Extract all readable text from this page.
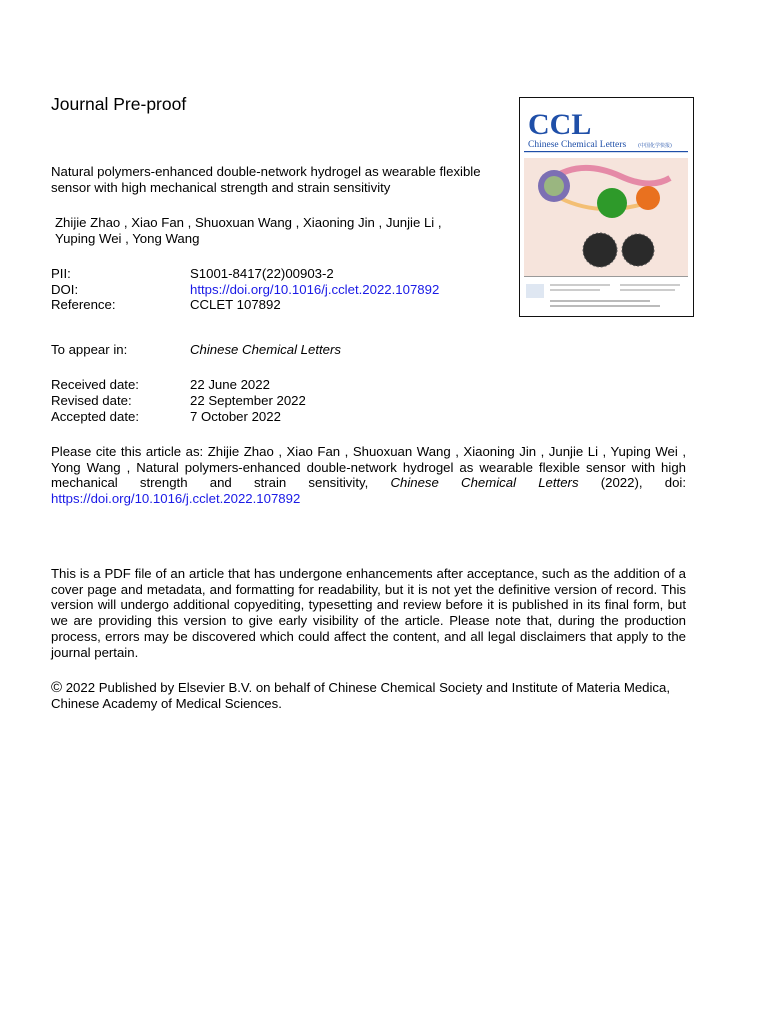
Journal Pre-proof
Natural polymers-enhanced double-network hydrogel as wearable flexible sensor with high mechanical strength and strain sensitivity
Zhijie Zhao , Xiao Fan , Shuoxuan Wang , Xiaoning Jin , Junjie Li ,
Yuping Wei , Yong Wang
PII:	S1001-8417(22)00903-2
DOI:	https://doi.org/10.1016/j.cclet.2022.107892
Reference:	CCLET 107892
To appear in:	Chinese Chemical Letters
Received date:	22 June 2022
Revised date:	22 September 2022
Accepted date:	7 October 2022
Please cite this article as: Zhijie Zhao , Xiao Fan , Shuoxuan Wang , Xiaoning Jin , Junjie Li , Yuping Wei , Yong Wang , Natural polymers-enhanced double-network hydrogel as wearable flexible sensor with high mechanical strength and strain sensitivity, Chinese Chemical Letters (2022), doi: https://doi.org/10.1016/j.cclet.2022.107892
This is a PDF file of an article that has undergone enhancements after acceptance, such as the addition of a cover page and metadata, and formatting for readability, but it is not yet the definitive version of record. This version will undergo additional copyediting, typesetting and review before it is published in its final form, but we are providing this version to give early visibility of the article. Please note that, during the production process, errors may be discovered which could affect the content, and all legal disclaimers that apply to the journal pertain.
© 2022 Published by Elsevier B.V. on behalf of Chinese Chemical Society and Institute of Materia Medica, Chinese Academy of Medical Sciences.
CCL
Chinese Chemical Letters (中国化学快报)
